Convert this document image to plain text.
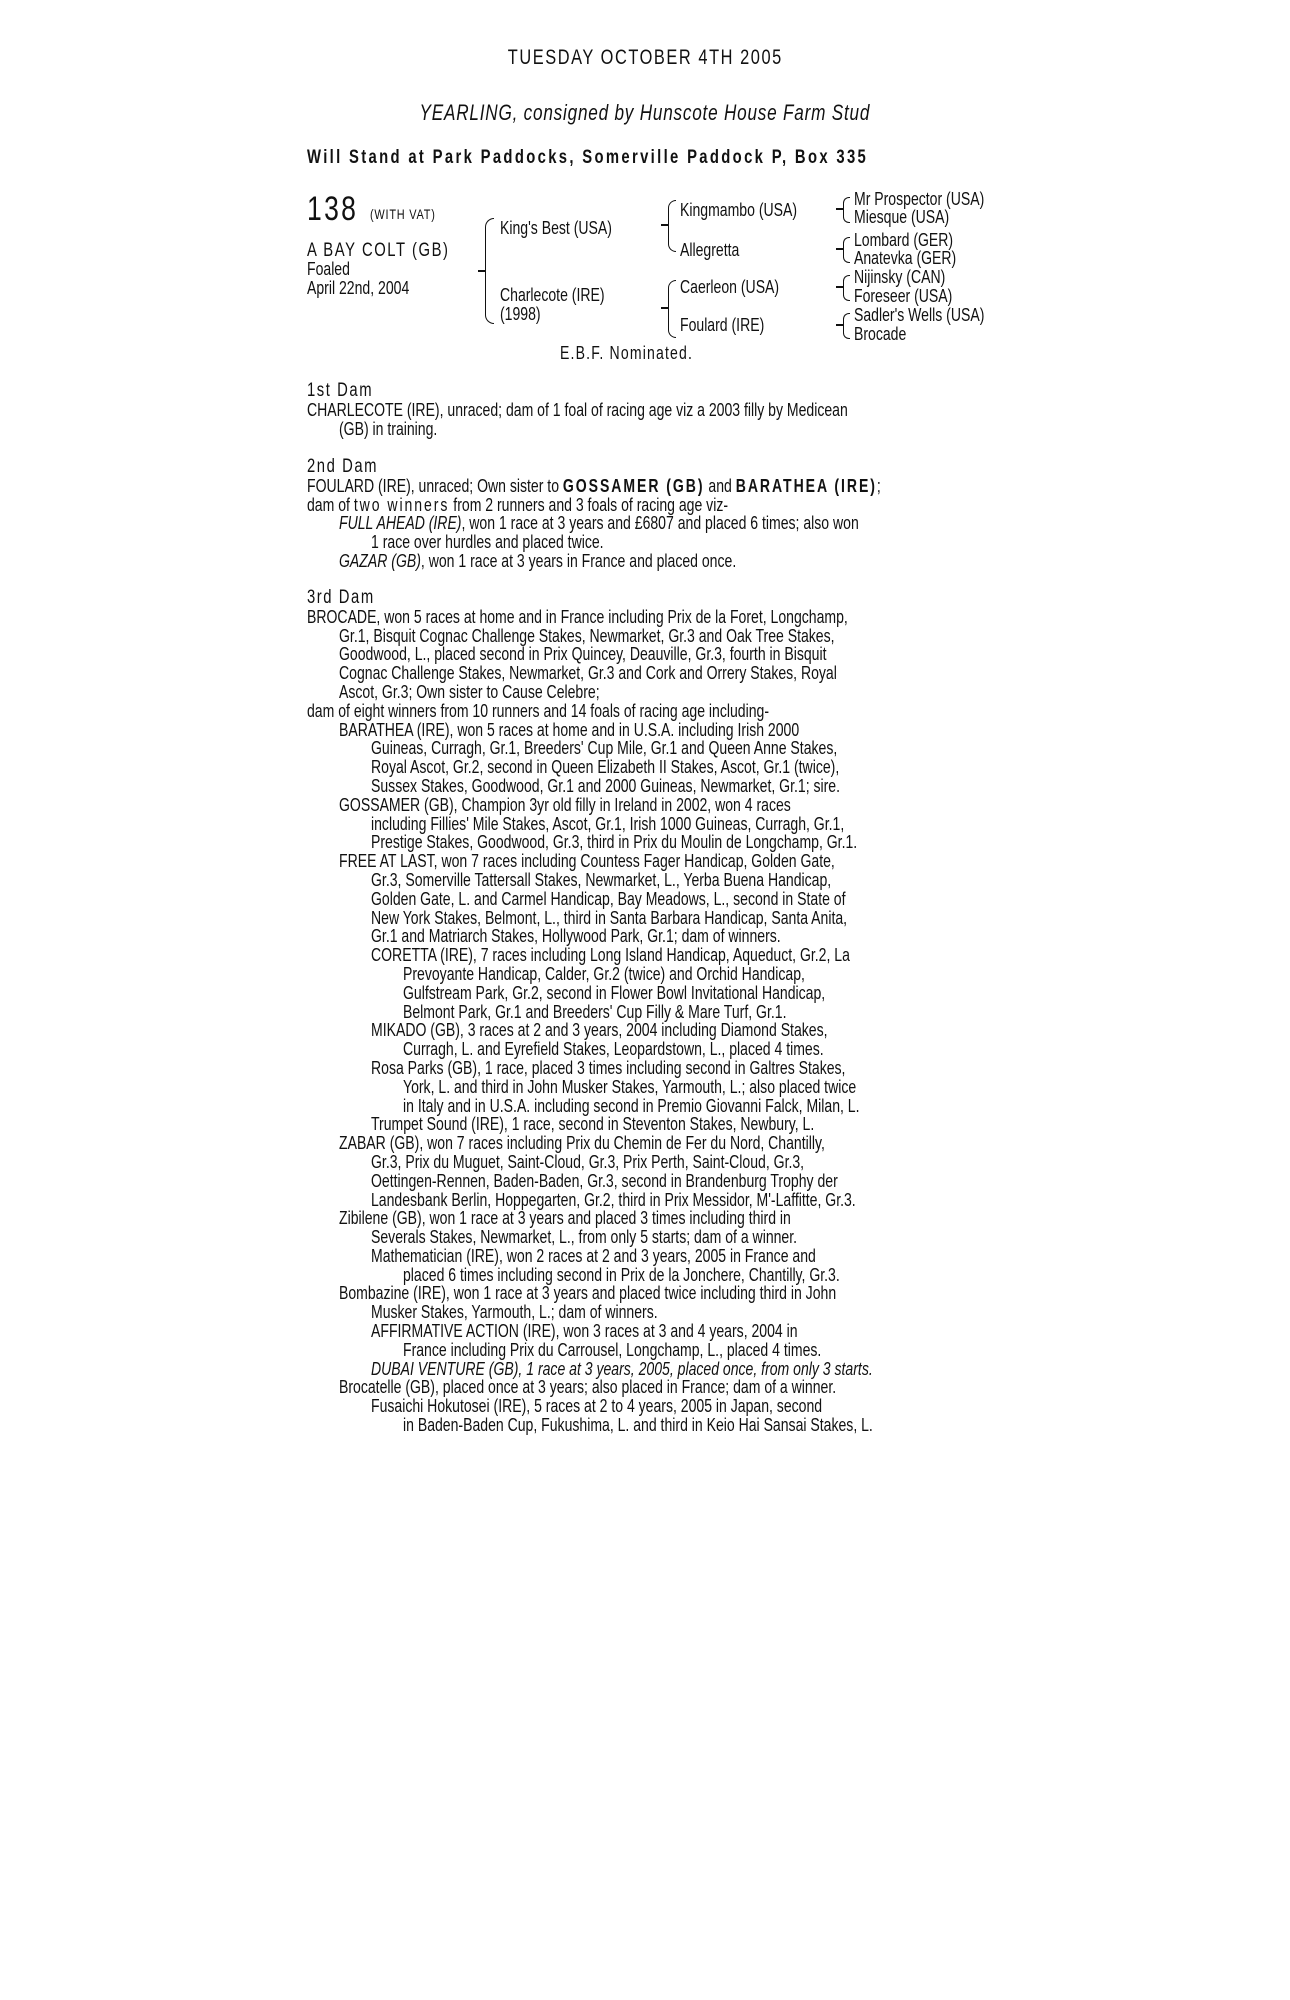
TUESDAY OCTOBER 4TH 2005
YEARLING, consigned by Hunscote House Farm Stud
Will Stand at Park Paddocks, Somerville Paddock P, Box 335
138 (WITH VAT)
A BAY COLT (GB)
Foaled
April 22nd, 2004
King's Best (USA)
Charlecote (IRE)
(1998)
Kingmambo (USA)
Allegretta
Caerleon (USA)
Foulard (IRE)
Mr Prospector (USA)
Miesque (USA)
Lombard (GER)
Anatevka (GER)
Nijinsky (CAN)
Foreseer (USA)
Sadler's Wells (USA)
Brocade
E.B.F. Nominated.

1st Dam

CHARLECOTE (IRE), unraced; dam of 1 foal of racing age viz a 2003 filly by Medicean

(GB) in training.

2nd Dam

FOULARD (IRE), unraced; Own sister to GOSSAMER (GB) and BARATHEA (IRE);

dam of two winners from 2 runners and 3 foals of racing age viz-

FULL AHEAD (IRE), won 1 race at 3 years and £6807 and placed 6 times; also won

1 race over hurdles and placed twice.

GAZAR (GB), won 1 race at 3 years in France and placed once.

3rd Dam

BROCADE, won 5 races at home and in France including Prix de la Foret, Longchamp,

Gr.1, Bisquit Cognac Challenge Stakes, Newmarket, Gr.3 and Oak Tree Stakes,

Goodwood, L., placed second in Prix Quincey, Deauville, Gr.3, fourth in Bisquit

Cognac Challenge Stakes, Newmarket, Gr.3 and Cork and Orrery Stakes, Royal

Ascot, Gr.3; Own sister to Cause Celebre;

dam of eight winners from 10 runners and 14 foals of racing age including-

BARATHEA (IRE), won 5 races at home and in U.S.A. including Irish 2000

Guineas, Curragh, Gr.1, Breeders' Cup Mile, Gr.1 and Queen Anne Stakes,

Royal Ascot, Gr.2, second in Queen Elizabeth II Stakes, Ascot, Gr.1 (twice),

Sussex Stakes, Goodwood, Gr.1 and 2000 Guineas, Newmarket, Gr.1; sire.

GOSSAMER (GB), Champion 3yr old filly in Ireland in 2002, won 4 races

including Fillies' Mile Stakes, Ascot, Gr.1, Irish 1000 Guineas, Curragh, Gr.1,

Prestige Stakes, Goodwood, Gr.3, third in Prix du Moulin de Longchamp, Gr.1.

FREE AT LAST, won 7 races including Countess Fager Handicap, Golden Gate,

Gr.3, Somerville Tattersall Stakes, Newmarket, L., Yerba Buena Handicap,

Golden Gate, L. and Carmel Handicap, Bay Meadows, L., second in State of

New York Stakes, Belmont, L., third in Santa Barbara Handicap, Santa Anita,

Gr.1 and Matriarch Stakes, Hollywood Park, Gr.1; dam of winners.

CORETTA (IRE), 7 races including Long Island Handicap, Aqueduct, Gr.2, La

Prevoyante Handicap, Calder, Gr.2 (twice) and Orchid Handicap,

Gulfstream Park, Gr.2, second in Flower Bowl Invitational Handicap,

Belmont Park, Gr.1 and Breeders' Cup Filly & Mare Turf, Gr.1.

MIKADO (GB), 3 races at 2 and 3 years, 2004 including Diamond Stakes,

Curragh, L. and Eyrefield Stakes, Leopardstown, L., placed 4 times.

Rosa Parks (GB), 1 race, placed 3 times including second in Galtres Stakes,

York, L. and third in John Musker Stakes, Yarmouth, L.; also placed twice

in Italy and in U.S.A. including second in Premio Giovanni Falck, Milan, L.

Trumpet Sound (IRE), 1 race, second in Steventon Stakes, Newbury, L.

ZABAR (GB), won 7 races including Prix du Chemin de Fer du Nord, Chantilly,

Gr.3, Prix du Muguet, Saint-Cloud, Gr.3, Prix Perth, Saint-Cloud, Gr.3,

Oettingen-Rennen, Baden-Baden, Gr.3, second in Brandenburg Trophy der

Landesbank Berlin, Hoppegarten, Gr.2, third in Prix Messidor, M'-Laffitte, Gr.3.

Zibilene (GB), won 1 race at 3 years and placed 3 times including third in

Severals Stakes, Newmarket, L., from only 5 starts; dam of a winner.

Mathematician (IRE), won 2 races at 2 and 3 years, 2005 in France and

placed 6 times including second in Prix de la Jonchere, Chantilly, Gr.3.

Bombazine (IRE), won 1 race at 3 years and placed twice including third in John

Musker Stakes, Yarmouth, L.; dam of winners.

AFFIRMATIVE ACTION (IRE), won 3 races at 3 and 4 years, 2004 in

France including Prix du Carrousel, Longchamp, L., placed 4 times.

DUBAI VENTURE (GB), 1 race at 3 years, 2005, placed once, from only 3 starts.

Brocatelle (GB), placed once at 3 years; also placed in France; dam of a winner.

Fusaichi Hokutosei (IRE), 5 races at 2 to 4 years, 2005 in Japan, second

in Baden-Baden Cup, Fukushima, L. and third in Keio Hai Sansai Stakes, L.
